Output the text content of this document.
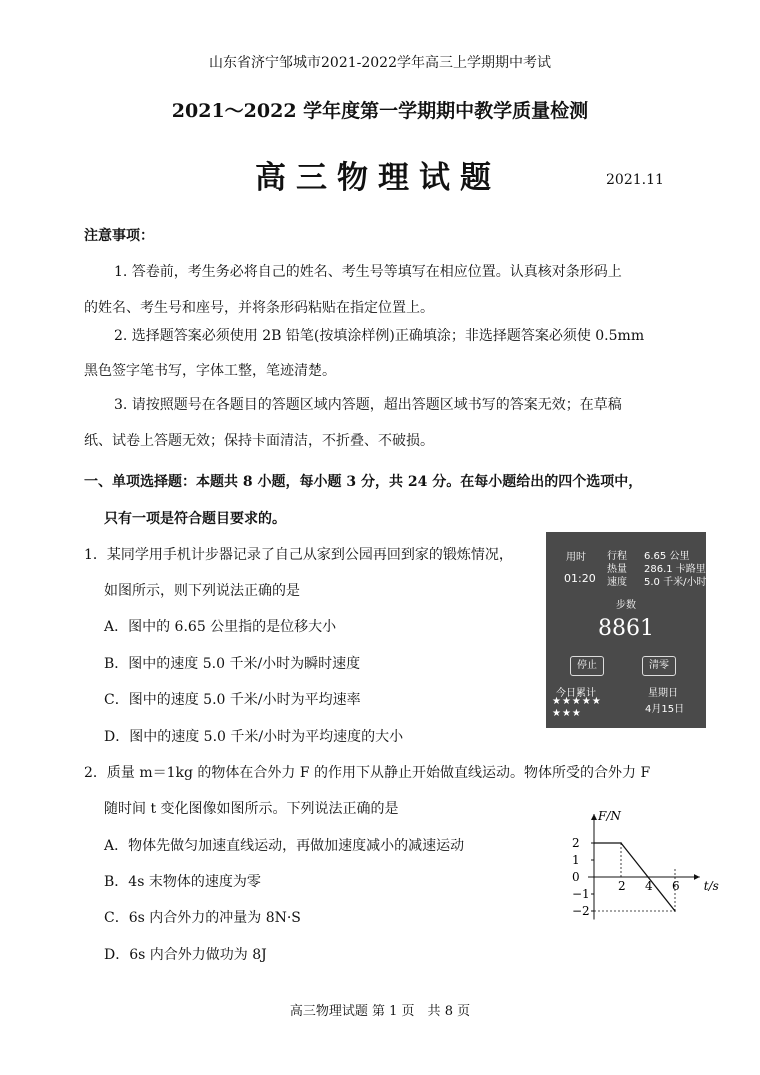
山东省济宁邹城市2021-2022学年高三上学期期中考试
2021～2022 学年度第一学期期中教学质量检测
高三物理试题	2021.11
注意事项：
1. 答卷前，考生务必将自己的姓名、考生号等填写在相应位置。认真核对条形码上
的姓名、考生号和座号，并将条形码粘贴在指定位置上。
2. 选择题答案必须使用 2B 铅笔(按填涂样例)正确填涂；非选择题答案必须使 0.5mm
黑色签字笔书写，字体工整，笔迹清楚。
3. 请按照题号在各题目的答题区域内答题，超出答题区域书写的答案无效；在草稿
纸、试卷上答题无效；保持卡面清洁，不折叠、不破损。
一、单项选择题：本题共 8 小题，每小题 3 分，共 24 分。在每小题给出的四个选项中，
只有一项是符合题目要求的。
1．某同学用手机计步器记录了自己从家到公园再回到家的锻炼情况，
如图所示，则下列说法正确的是
A．图中的 6.65 公里指的是位移大小
B．图中的速度 5.0 千米/小时为瞬时速度
C．图中的速度 5.0 千米/小时为平均速率
D．图中的速度 5.0 千米/小时为平均速度的大小
用时
01:20
行程 6.65 公里
热量 286.1 卡路里
速度 5.0 千米/小时
步数
8861
停止	清零
今日累计
★★★★★
★★★
星期日
4月15日
2．质量 m＝1kg 的物体在合外力 F 的作用下从静止开始做直线运动。物体所受的合外力 F
随时间 t 变化图像如图所示。下列说法正确的是
A．物体先做匀加速直线运动，再做加速度减小的减速运动
B．4s 末物体的速度为零
C．6s 内合外力的冲量为 8N·S
D．6s 内合外力做功为 8J
F/N
t/s
2
1
0
−1
−2
2 4 6
高三物理试题 第 1 页　共 8 页
